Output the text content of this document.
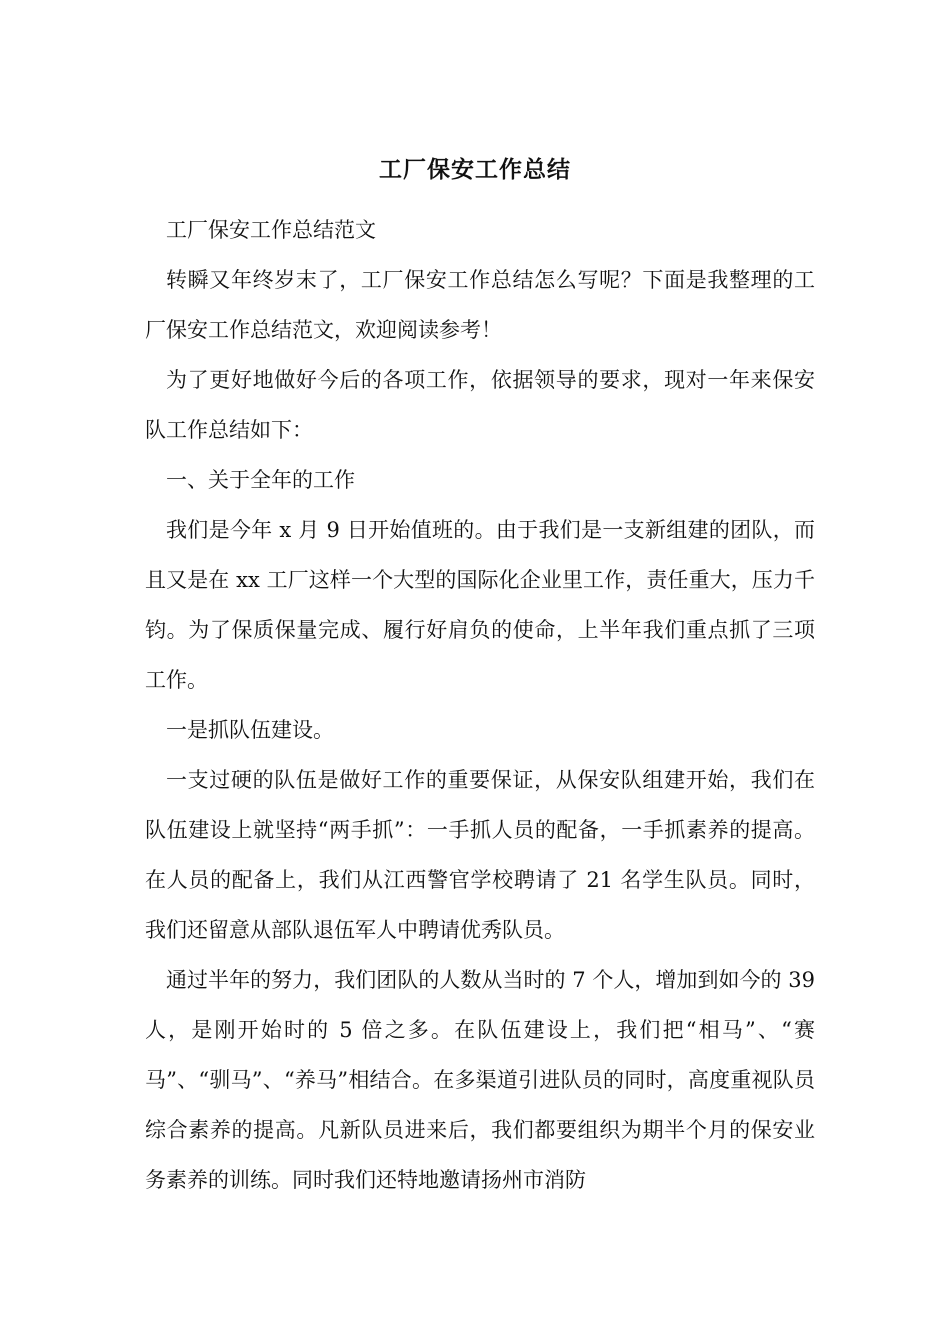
工厂保安工作总结

工厂保安工作总结范文

转瞬又年终岁末了，工厂保安工作总结怎么写呢？下面是我整理的工厂保安工作总结范文，欢迎阅读参考！

为了更好地做好今后的各项工作，依据领导的要求，现对一年来保安队工作总结如下：

一、关于全年的工作

我们是今年 x 月 9 日开始值班的。由于我们是一支新组建的团队，而且又是在 xx 工厂这样一个大型的国际化企业里工作，责任重大，压力千钧。为了保质保量完成、履行好肩负的使命，上半年我们重点抓了三项工作。

一是抓队伍建设。

一支过硬的队伍是做好工作的重要保证，从保安队组建开始，我们在队伍建设上就坚持“两手抓”：一手抓人员的配备，一手抓素养的提高。在人员的配备上，我们从江西警官学校聘请了 21 名学生队员。同时，我们还留意从部队退伍军人中聘请优秀队员。

通过半年的努力，我们团队的人数从当时的 7 个人，增加到如今的 39 人，是刚开始时的 5 倍之多。在队伍建设上，我们把“相马”、“赛马”、“驯马”、“养马”相结合。在多渠道引进队员的同时，高度重视队员综合素养的提高。凡新队员进来后，我们都要组织为期半个月的保安业务素养的训练。同时我们还特地邀请扬州市消防
